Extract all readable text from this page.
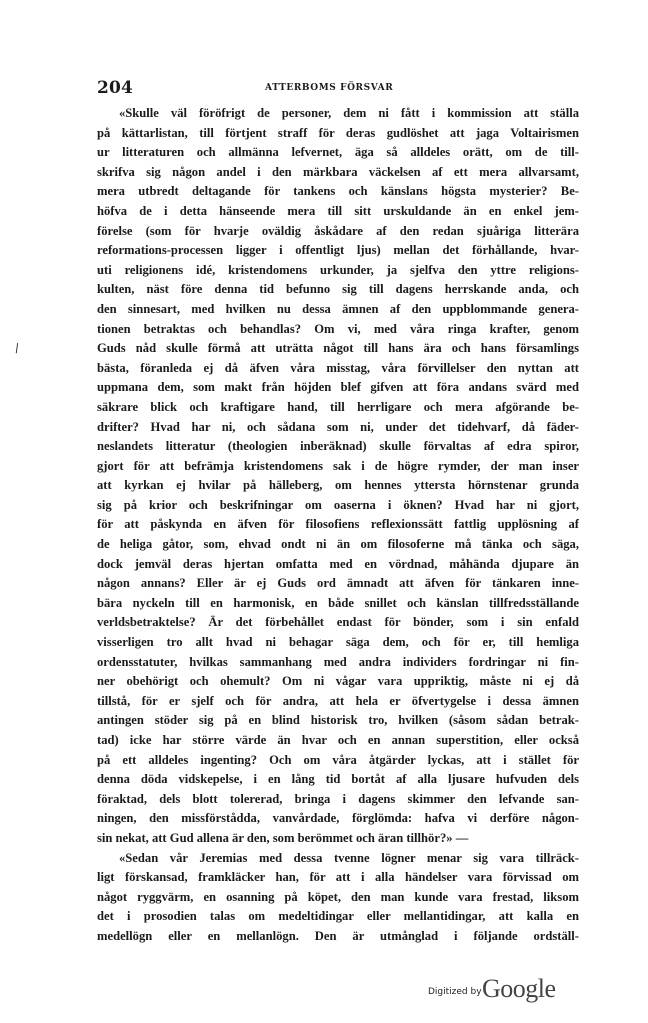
204	ATTERBOMS FÖRSVAR
\
«Skulle väl föröfrigt de personer, dem ni fått i kommission att ställa
på kättarlistan, till förtjent straff för deras gudlöshet att jaga Voltairismen
ur litteraturen och allmänna lefvernet, äga så alldeles orätt, om de till-
skrifva sig någon andel i den märkbara väckelsen af ett mera allvarsamt,
mera utbredt deltagande för tankens och känslans högsta mysterier? Be-
höfva de i detta hänseende mera till sitt urskuldande än en enkel jem-
förelse (som för hvarje oväldig åskådare af den redan sjuåriga litterära
reformations-processen ligger i offentligt ljus) mellan det förhållande, hvar-
uti religionens idé, kristendomens urkunder, ja sjelfva den yttre religions-
kulten, näst före denna tid befunno sig till dagens herrskande anda, och
den sinnesart, med hvilken nu dessa ämnen af den uppblommande genera-
tionen betraktas och behandlas? Om vi, med våra ringa krafter, genom
Guds nåd skulle förmå att uträtta något till hans ära och hans församlings
bästa, föranleda ej då äfven våra misstag, våra förvillelser den nyttan att
uppmana dem, som makt från höjden blef gifven att föra andans svärd med
säkrare blick och kraftigare hand, till herrligare och mera afgörande be-
drifter? Hvad har ni, och sådana som ni, under det tidehvarf, då fäder-
neslandets litteratur (theologien inberäknad) skulle förvaltas af edra spiror,
gjort för att befrämja kristendomens sak i de högre rymder, der man inser
att kyrkan ej hvilar på hälleberg, om hennes yttersta hörnstenar grunda
sig på krior och beskrifningar om oaserna i öknen? Hvad har ni gjort,
för att påskynda en äfven för filosofiens reflexionssätt fattlig upplösning af
de heliga gåtor, som, ehvad ondt ni än om filosoferne må tänka och säga,
dock jemväl deras hjertan omfatta med en vördnad, måhända djupare än
någon annans? Eller är ej Guds ord ämnadt att äfven för tänkaren inne-
bära nyckeln till en harmonisk, en både snillet och känslan tillfredsställande
verldsbetraktelse? Är det förbehållet endast för bönder, som i sin enfald
visserligen tro allt hvad ni behagar säga dem, och för er, till hemliga
ordensstatuter, hvilkas sammanhang med andra individers fordringar ni fin-
ner obehörigt och ohemult? Om ni vågar vara uppriktig, måste ni ej då
tillstå, för er sjelf och för andra, att hela er öfvertygelse i dessa ämnen
antingen stöder sig på en blind historisk tro, hvilken (såsom sådan betrak-
tad) icke har större värde än hvar och en annan superstition, eller också
på ett alldeles ingenting? Och om våra åtgärder lyckas, att i stället för
denna döda vidskepelse, i en lång tid bortåt af alla ljusare hufvuden dels
föraktad, dels blott tolererad, bringa i dagens skimmer den lefvande san-
ningen, den missförstådda, vanvårdade, förglömda: hafva vi derföre någon-
sin nekat, att Gud allena är den, som berömmet och äran tillhör?» —
«Sedan vår Jeremias med dessa tvenne lögner menar sig vara tillräck-
ligt förskansad, framkläcker han, för att i alla händelser vara förvissad om
något ryggvärm, en osanning på köpet, den man kunde vara frestad, liksom
det i prosodien talas om medeltidingar eller mellantidingar, att kalla en
medellögn eller en mellanlögn. Den är utmånglad i följande ordställ-
Digitized by Google
